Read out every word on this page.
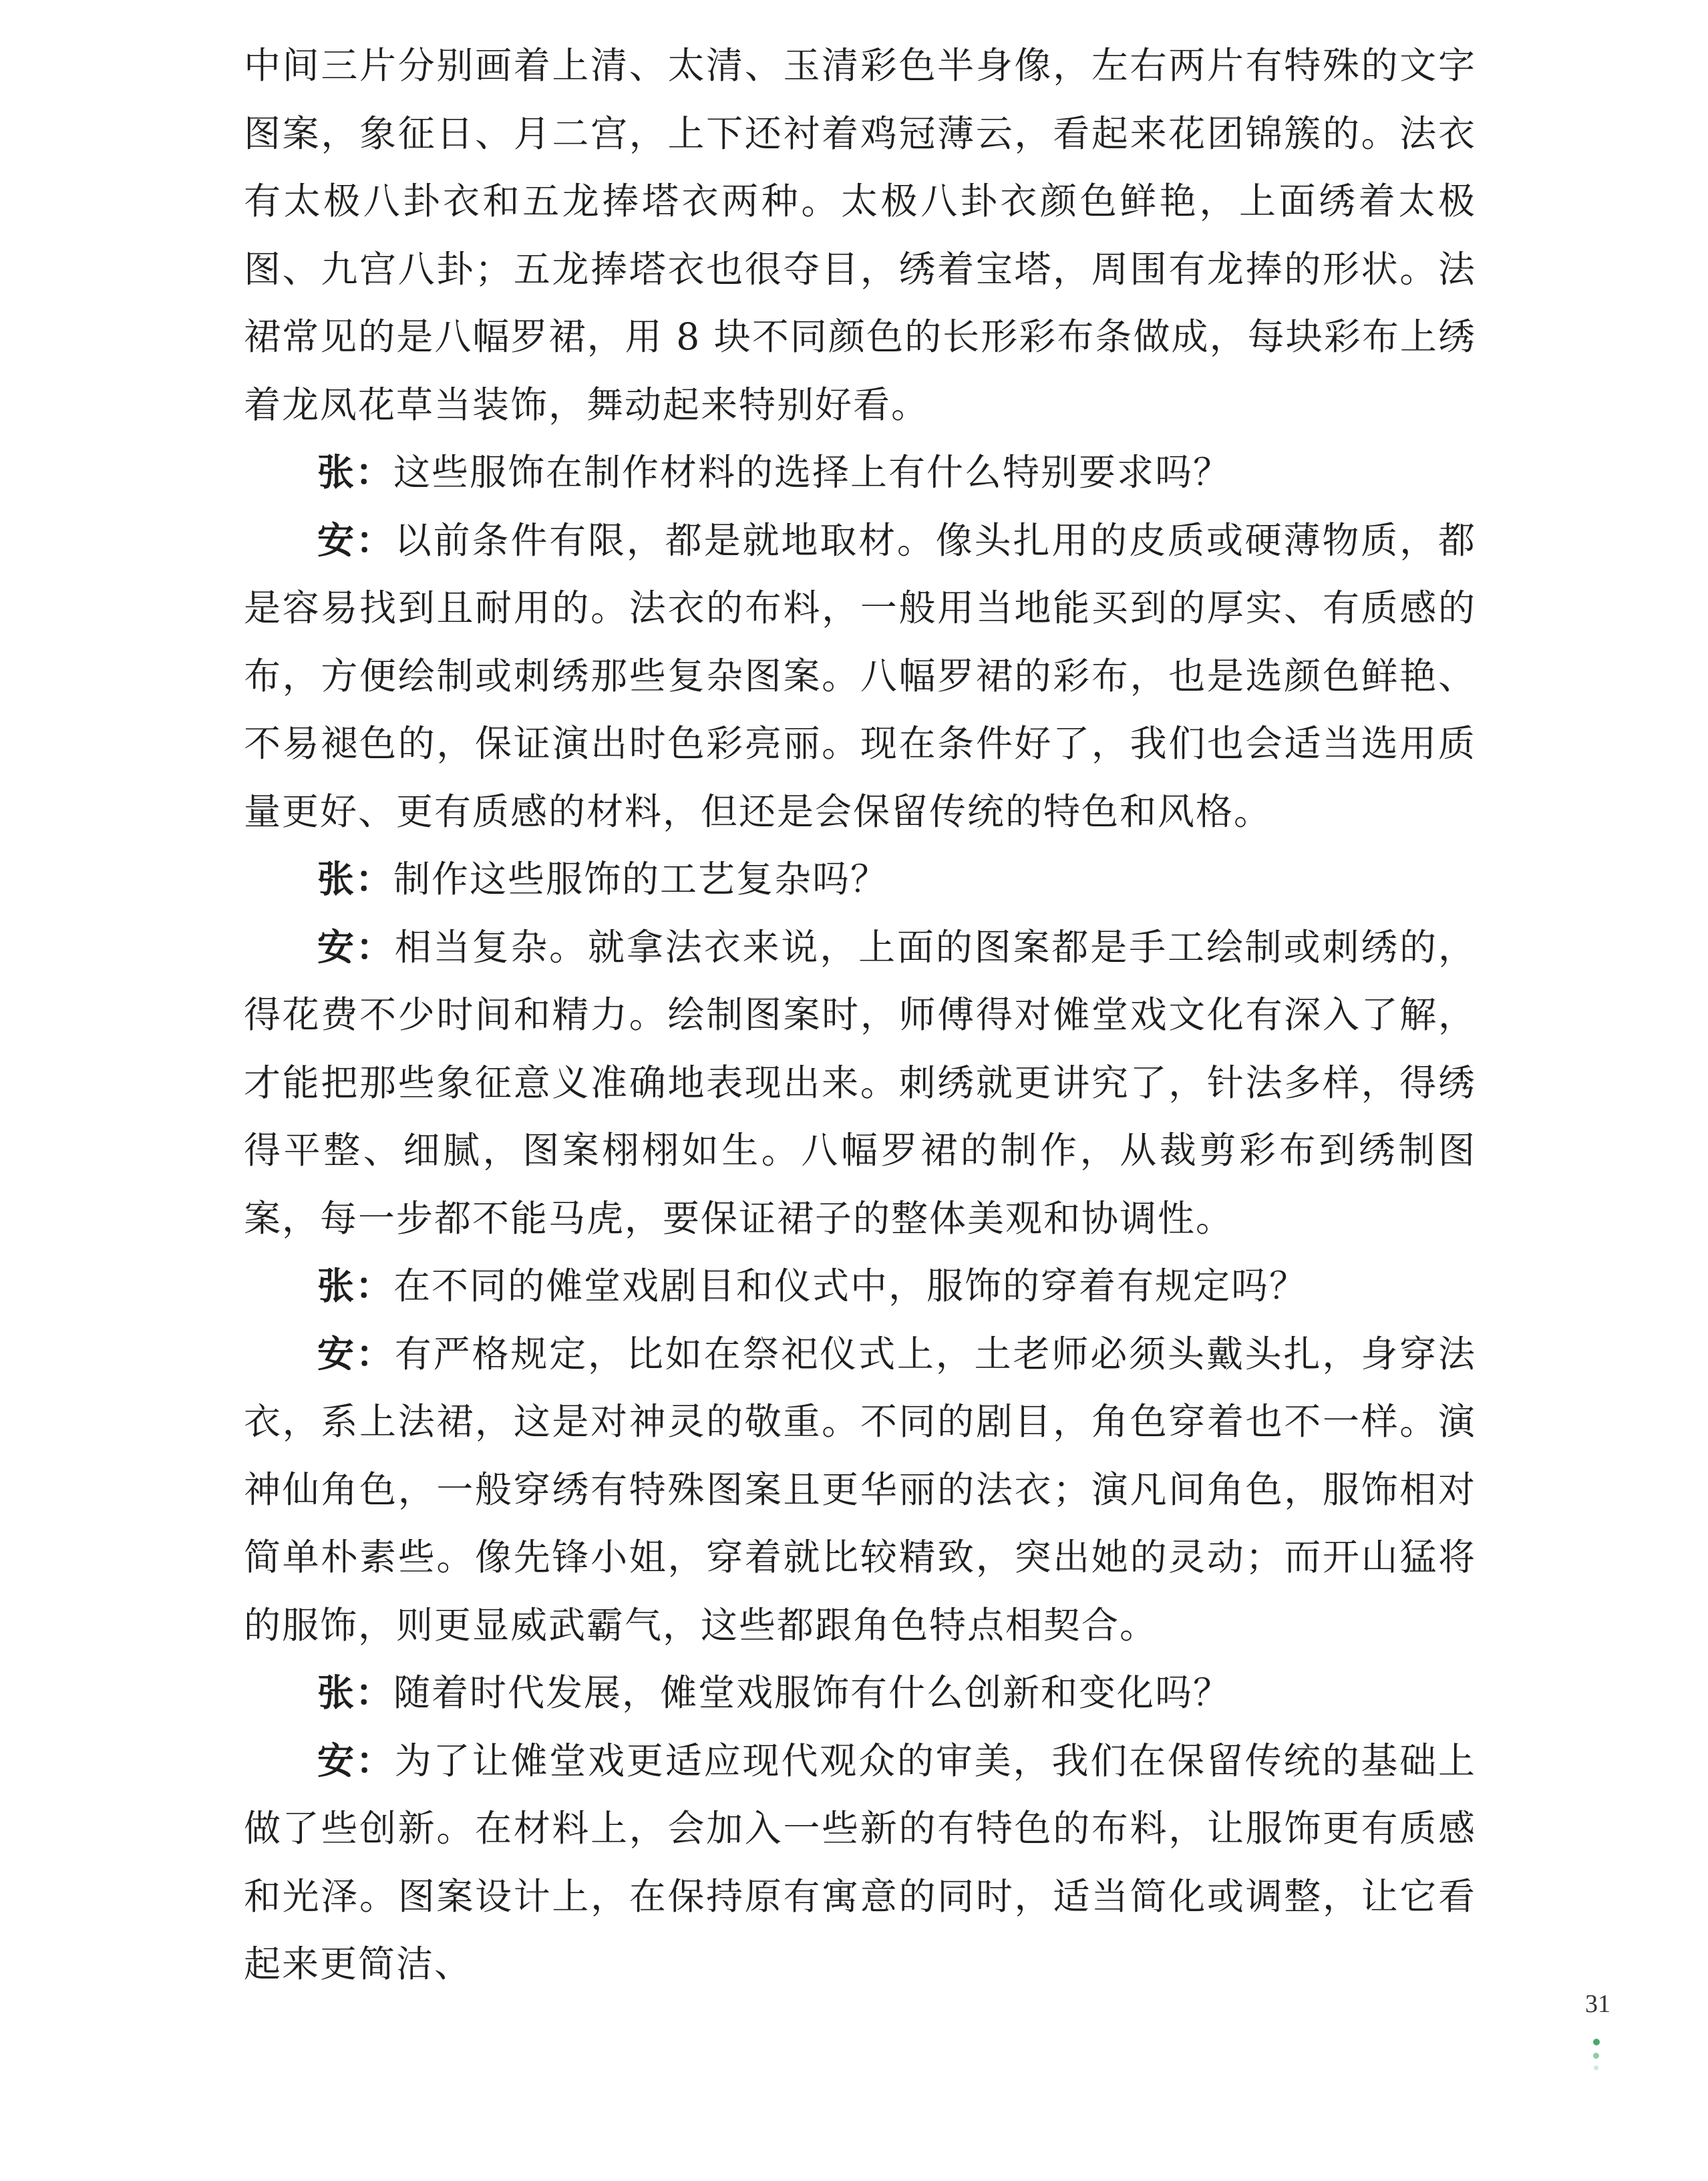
中间三片分别画着上清、太清、玉清彩色半身像，左右两片有特殊的文字图案，象征日、月二宫，上下还衬着鸡冠薄云，看起来花团锦簇的。法衣有太极八卦衣和五龙捧塔衣两种。太极八卦衣颜色鲜艳，上面绣着太极图、九宫八卦；五龙捧塔衣也很夺目，绣着宝塔，周围有龙捧的形状。法裙常见的是八幅罗裙，用 8 块不同颜色的长形彩布条做成，每块彩布上绣着龙凤花草当装饰，舞动起来特别好看。

张：这些服饰在制作材料的选择上有什么特别要求吗？

安：以前条件有限，都是就地取材。像头扎用的皮质或硬薄物质，都是容易找到且耐用的。法衣的布料，一般用当地能买到的厚实、有质感的布，方便绘制或刺绣那些复杂图案。八幅罗裙的彩布，也是选颜色鲜艳、不易褪色的，保证演出时色彩亮丽。现在条件好了，我们也会适当选用质量更好、更有质感的材料，但还是会保留传统的特色和风格。

张：制作这些服饰的工艺复杂吗？

安：相当复杂。就拿法衣来说，上面的图案都是手工绘制或刺绣的，得花费不少时间和精力。绘制图案时，师傅得对傩堂戏文化有深入了解，才能把那些象征意义准确地表现出来。刺绣就更讲究了，针法多样，得绣得平整、细腻，图案栩栩如生。八幅罗裙的制作，从裁剪彩布到绣制图案，每一步都不能马虎，要保证裙子的整体美观和协调性。

张：在不同的傩堂戏剧目和仪式中，服饰的穿着有规定吗？

安：有严格规定，比如在祭祀仪式上，土老师必须头戴头扎，身穿法衣，系上法裙，这是对神灵的敬重。不同的剧目，角色穿着也不一样。演神仙角色，一般穿绣有特殊图案且更华丽的法衣；演凡间角色，服饰相对简单朴素些。像先锋小姐，穿着就比较精致，突出她的灵动；而开山猛将的服饰，则更显威武霸气，这些都跟角色特点相契合。

张：随着时代发展，傩堂戏服饰有什么创新和变化吗？

安：为了让傩堂戏更适应现代观众的审美，我们在保留传统的基础上做了些创新。在材料上，会加入一些新的有特色的布料，让服饰更有质感和光泽。图案设计上，在保持原有寓意的同时，适当简化或调整，让它看起来更简洁、

31
